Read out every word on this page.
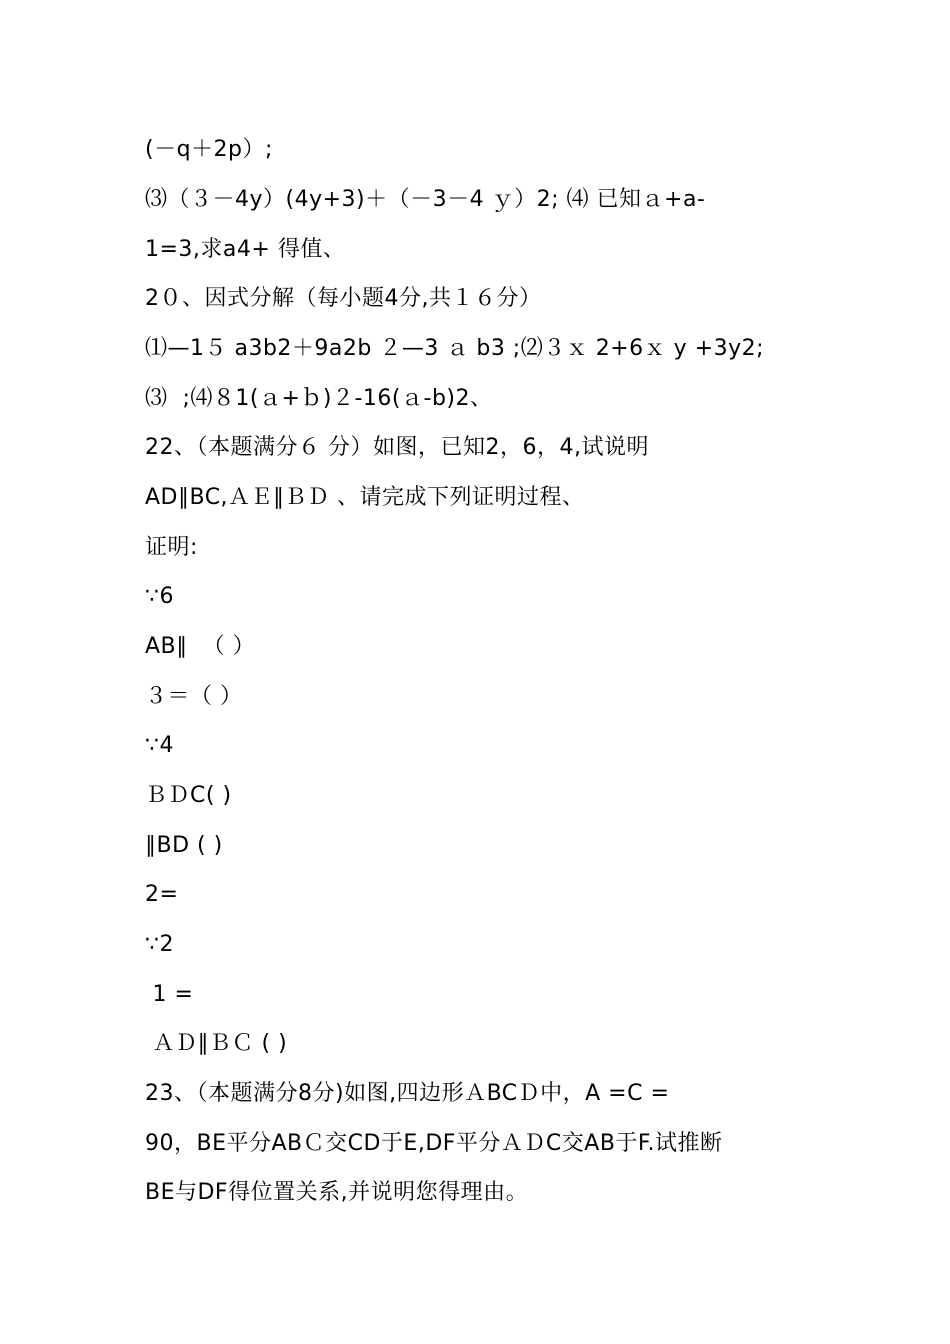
(－q＋2p）;
⑶（３－4y）(4y+3)＋（－3－4 ｙ）2; ⑷ 已知ａ+a-
1=3,求a4+ 得值、
2０、因式分解（每小题4分,共１６分）
⑴—1５ a3b2＋9a2b ２—3 ａ b3 ;⑵３ｘ 2+6ｘ y +3y2;
⑶  ;⑷８1(ａ+ｂ)２-16(ａ-b)2、
22、（本题满分６ 分）如图，已知2，6，4,试说明
AD∥BC,ＡＥ∥ＢＤ 、请完成下列证明过程、
证明:
∵6
AB∥  （ ）
３＝（ ）
∵4
ＢＤC( )
∥BD ( )
2=
∵2
1 =
ＡＤ∥ＢＣ ( )
23、（本题满分8分)如图,四边形ＡBCＤ中，A =C =
90，BE平分ABＣ交CD于E,DF平分ＡＤC交AB于F.试推断
BE与DF得位置关系,并说明您得理由。
